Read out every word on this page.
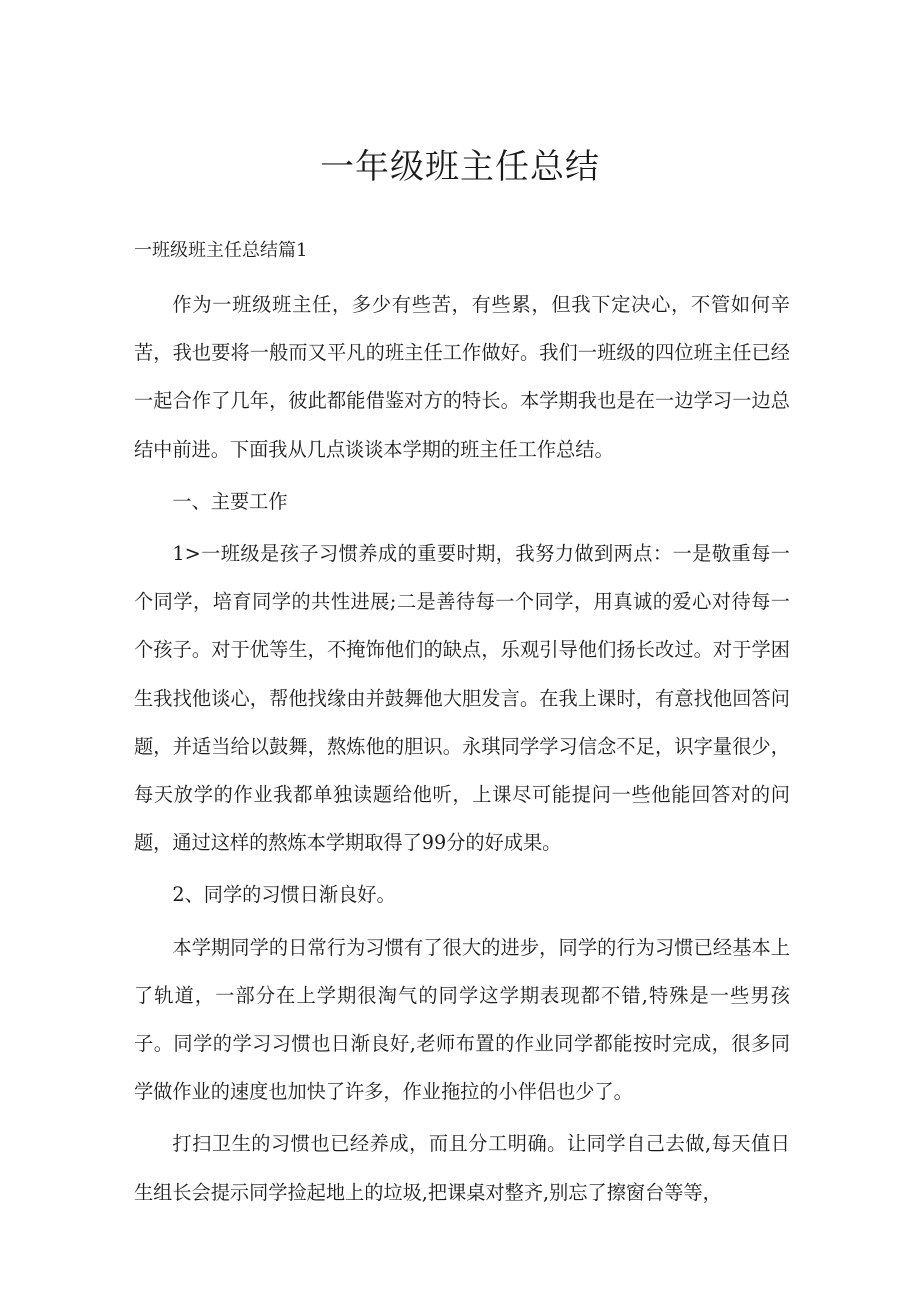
一年级班主任总结

一班级班主任总结篇1

作为一班级班主任，多少有些苦，有些累，但我下定决心，不管如何辛苦，我也要将一般而又平凡的班主任工作做好。我们一班级的四位班主任已经一起合作了几年，彼此都能借鉴对方的特长。本学期我也是在一边学习一边总结中前进。下面我从几点谈谈本学期的班主任工作总结。

一、主要工作

1>一班级是孩子习惯养成的重要时期，我努力做到两点：一是敬重每一个同学，培育同学的共性进展;二是善待每一个同学，用真诚的爱心对待每一个孩子。对于优等生，不掩饰他们的缺点，乐观引导他们扬长改过。对于学困生我找他谈心，帮他找缘由并鼓舞他大胆发言。在我上课时，有意找他回答问题，并适当给以鼓舞，熬炼他的胆识。永琪同学学习信念不足，识字量很少，每天放学的作业我都单独读题给他听，上课尽可能提问一些他能回答对的问题，通过这样的熬炼本学期取得了99分的好成果。

2、同学的习惯日渐良好。

本学期同学的日常行为习惯有了很大的进步，同学的行为习惯已经基本上了轨道，一部分在上学期很淘气的同学这学期表现都不错,特殊是一些男孩子。同学的学习习惯也日渐良好,老师布置的作业同学都能按时完成，很多同学做作业的速度也加快了许多，作业拖拉的小伴侣也少了。

打扫卫生的习惯也已经养成，而且分工明确。让同学自己去做,每天值日生组长会提示同学捡起地上的垃圾,把课桌对整齐,别忘了擦窗台等等，
